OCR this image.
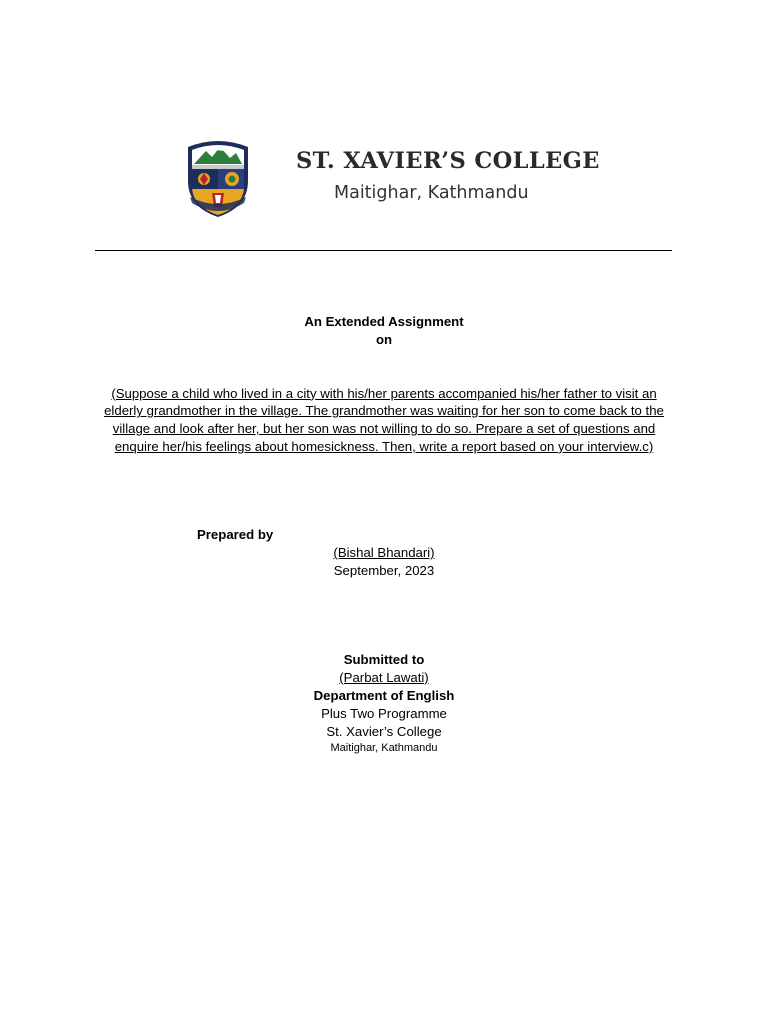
ST. XAVIER’S COLLEGE
Maitighar, Kathmandu
An Extended Assignment
on
(Suppose a child who lived in a city with his/her parents accompanied his/her father to visit an elderly grandmother in the village. The grandmother was waiting for her son to come back to the village and look after her, but her son was not willing to do so. Prepare a set of questions and enquire her/his feelings about homesickness. Then, write a report based on your interview.c)
Prepared by
(Bishal Bhandari)
September, 2023
Submitted to
(Parbat Lawati)
Department of English
Plus Two Programme
St. Xavier’s College
Maitighar, Kathmandu
